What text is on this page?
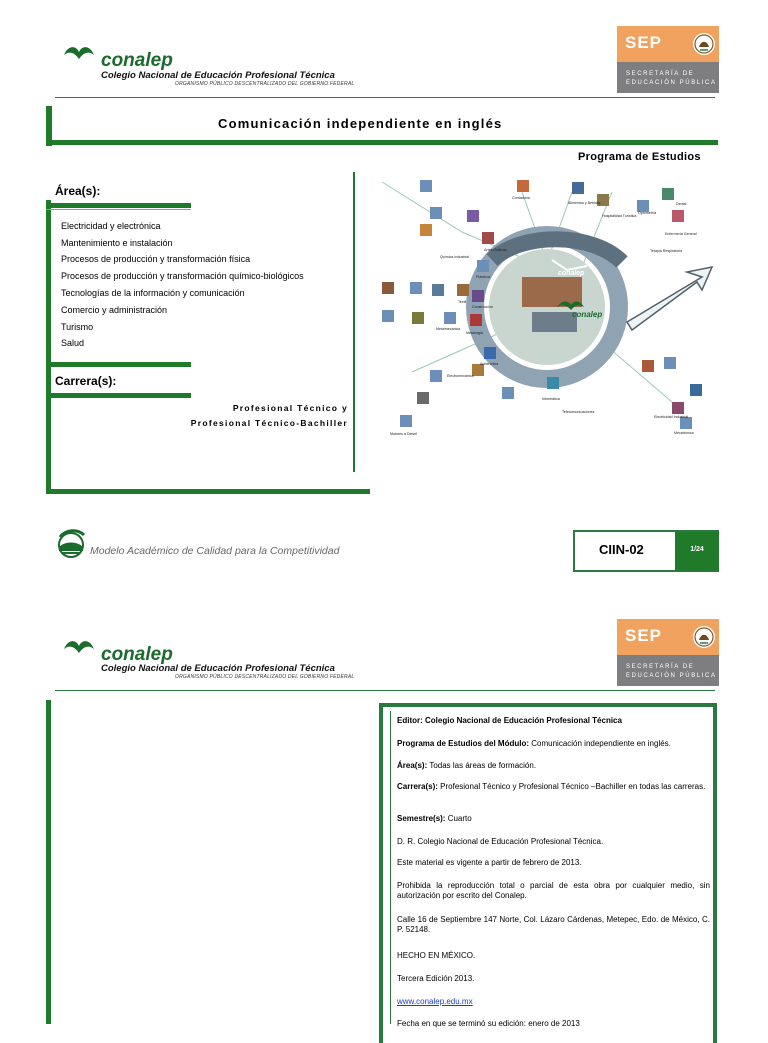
conalep
Colegio Nacional de Educación Profesional Técnica
ORGANISMO PÚBLICO DESCENTRALIZADO DEL GOBIERNO FEDERAL
SEP
SECRETARÍA DE
EDUCACIÓN PÚBLICA
Comunicación independiente en inglés
Programa de Estudios
Área(s):
Electricidad y electrónica
Mantenimiento e instalación
Procesos de producción y transformación física
Procesos de producción y transformación químico-biológicos
Tecnologías de la información y comunicación
Comercio y administración
Turismo
Salud
Carrera(s):
Profesional Técnico y
Profesional Técnico-Bachiller
conalep
conalep
Contaduría
Alimentos y Bebidas
Hospitalidad Turística
Enfermería General
Terapia Respiratoria
Química Industrial
Plásticos
Textil
Construcción
Metalmecánica
Metalurgia
Autotrónica
Electromecánica
Informática
Telecomunicaciones
Mecatrónica
Electricidad Industrial
Motores a Diesel
Artes Gráficas
Optometría
Dental
Modelo Académico de Calidad para la Competitividad	CIIN-02	1/24
conalep
Colegio Nacional de Educación Profesional Técnica
ORGANISMO PÚBLICO DESCENTRALIZADO DEL GOBIERNO FEDERAL
SEP
SECRETARÍA DE
EDUCACIÓN PÚBLICA
Editor: Colegio Nacional de Educación Profesional Técnica
Programa de Estudios del Módulo: Comunicación independiente en inglés.
Área(s): Todas las áreas de formación.
Carrera(s): Profesional Técnico y Profesional Técnico –Bachiller en todas las carreras.
Semestre(s): Cuarto
D. R. Colegio Nacional de Educación Profesional Técnica.
Este material es vigente a partir de febrero de 2013.
Prohibida la reproducción total o parcial de esta obra por cualquier medio, sin autorización por escrito del Conalep.
Calle 16 de Septiembre 147 Norte, Col. Lázaro Cárdenas, Metepec, Edo. de México, C. P. 52148.
HECHO EN MÉXICO.
Tercera Edición 2013.
www.conalep.edu.mx
Fecha en que se terminó su edición: enero de 2013
